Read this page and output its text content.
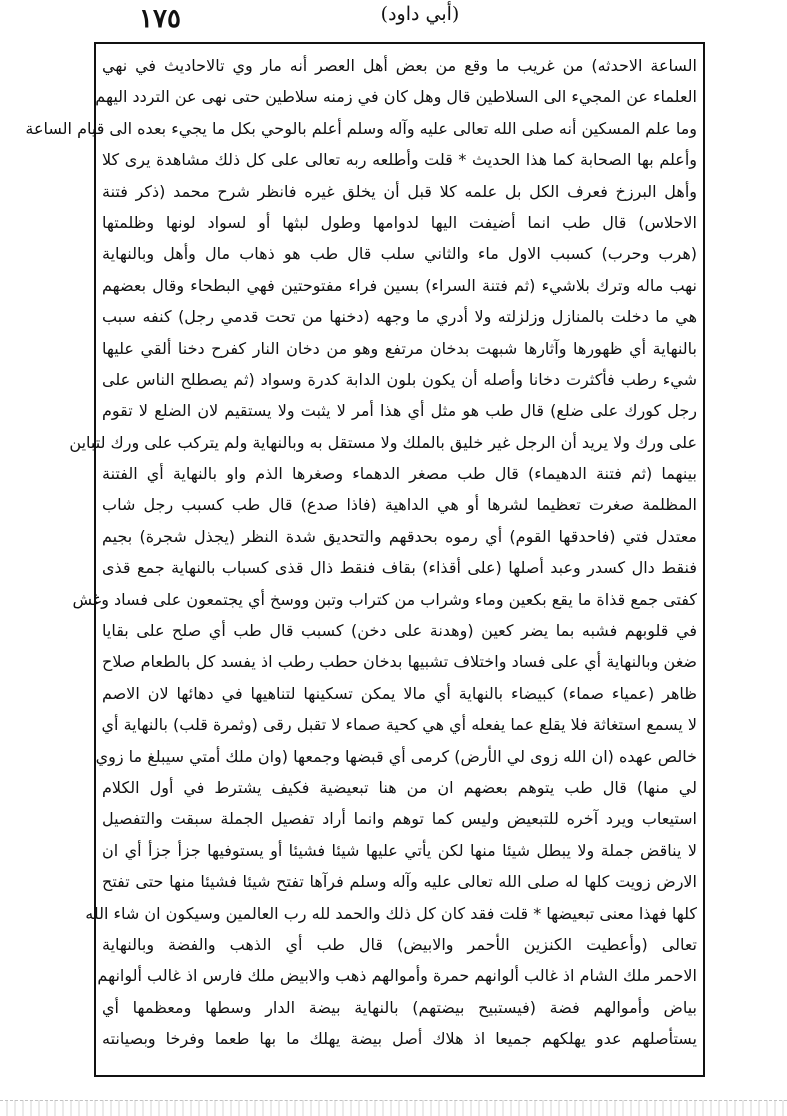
١٧٥	(أبي داود)
الساعة الاحدثه) من غريب ما وقع من بعض أهل العصر أنه مار وي تالاحاديث في نهي
العلماء عن المجيء الى السلاطين قال وهل كان في زمنه سلاطين حتى نهى عن التردد اليهم
وما علم المسكين أنه صلى الله تعالى عليه وآله وسلم أعلم بالوحي بكل ما يجيء بعده الى قيام الساعة
وأعلم بها الصحابة كما هذا الحديث * قلت وأطلعه ربه تعالى على كل ذلك مشاهدة يرى كلا
وأهل البرزخ فعرف الكل بل علمه كلا قبل أن يخلق غيره فانظر شرح محمد (ذكر فتنة
الاحلاس) قال طب انما أضيفت اليها لدوامها وطول لبثها أو لسواد لونها وظلمتها
(هرب وحرب) كسبب الاول ماء والثاني سلب قال طب هو ذهاب مال وأهل وبالنهاية
نهب ماله وترك بلاشيء (ثم فتنة السراء) بسين فراء مفتوحتين فهي البطحاء وقال بعضهم
هي ما دخلت بالمنازل وزلزلته ولا أدري ما وجهه (دخنها من تحت قدمي رجل) كنفه سبب
بالنهاية أي ظهورها وآثارها شبهت بدخان مرتفع وهو من دخان النار كفرح دخنا ألقي عليها
شيء رطب فأكثرت دخانا وأصله أن يكون بلون الدابة كدرة وسواد (ثم يصطلح الناس على
رجل كورك على ضلع) قال طب هو مثل أي هذا أمر لا يثبت ولا يستقيم لان الضلع لا تقوم
على ورك ولا يريد أن الرجل غير خليق بالملك ولا مستقل به وبالنهاية ولم يتركب على ورك لتباين
بينهما (ثم فتنة الدهيماء) قال طب مصغر الدهماء وصغرها الذم واو بالنهاية أي الفتنة
المظلمة صغرت تعظيما لشرها أو هي الداهية (فاذا صدع) قال طب كسبب رجل شاب
معتدل فتي (فاحدقها القوم) أي رموه بحدقهم والتحديق شدة النظر (يجذل شجرة) بجيم
فنقط دال كسدر وعبد أصلها (على أقذاء) بقاف فنقط ذال قذى كسباب بالنهاية جمع قذى
كفتى جمع قذاة ما يقع بكعين وماء وشراب من كتراب وتبن ووسخ أي يجتمعون على فساد وغش
في قلوبهم فشبه بما يضر كعين (وهدنة على دخن) كسبب قال طب أي صلح على بقايا
ضغن وبالنهاية أي على فساد واختلاف تشبيها بدخان حطب رطب اذ يفسد كل بالطعام صلاح
ظاهر (عمياء صماء) كبيضاء بالنهاية أي مالا يمكن تسكينها لتناهيها في دهائها لان الاصم
لا يسمع استغاثة فلا يقلع عما يفعله أي هي كحية صماء لا تقبل رقى (وثمرة قلب) بالنهاية أي
خالص عهده (ان الله زوى لي الأرض) كرمى أي قبضها وجمعها (وان ملك أمتي سيبلغ ما زوي
لي منها) قال طب يتوهم بعضهم ان من هنا تبعيضية فكيف يشترط في أول الكلام
استيعاب ويرد آخره للتبعيض وليس كما توهم وانما أراد تفصيل الجملة سبقت والتفصيل
لا يناقض جملة ولا يبطل شيئا منها لكن يأتي عليها شيئا فشيئا أو يستوفيها جزأ جزأ أي ان
الارض زويت كلها له صلى الله تعالى عليه وآله وسلم فرآها تفتح شيئا فشيئا منها حتى تفتح
كلها فهذا معنى تبعيضها * قلت فقد كان كل ذلك والحمد لله رب العالمين وسيكون ان شاء الله
تعالى (وأعطيت الكنزين الأحمر والابيض) قال طب أي الذهب والفضة وبالنهاية
الاحمر ملك الشام اذ غالب ألوانهم حمرة وأموالهم ذهب والابيض ملك فارس اذ غالب ألوانهم
بياض وأموالهم فضة (فيستبيح بيضتهم) بالنهاية بيضة الدار وسطها ومعظمها أي
يستأصلهم عدو يهلكهم جميعا اذ هلاك أصل بيضة يهلك ما بها طعما وفرخا وبصيانته
